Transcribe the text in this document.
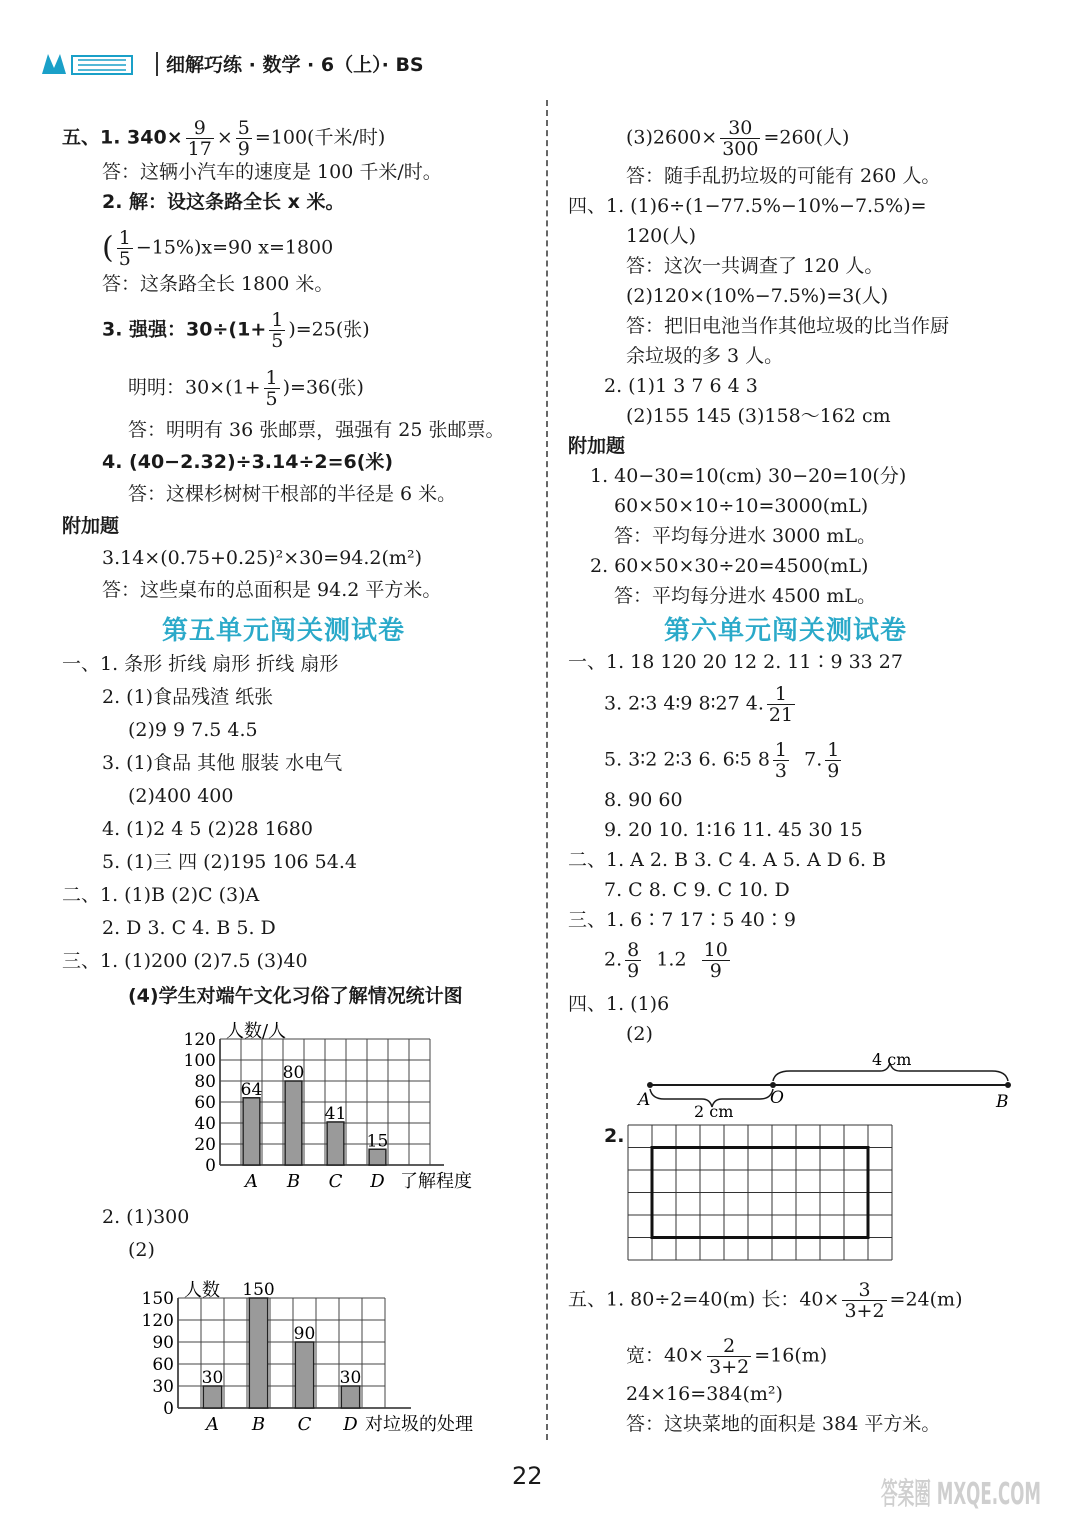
细解巧练 · 数学 · 6（上）· BS
五、1. $340\times \frac{9}{17} \times \frac{5}{9} =100$(千米/时)
答：这辆小汽车的速度是 100 千米/时。
2. 解：设这条路全长 x 米。
( $\frac{1}{5} -15\%)x=90$ x=1800
答：这条路全长 1800 米。
3. 强强：$30\div(1+ \frac{1}{5} )=25$(张)
明明：$30\times(1+ \frac{1}{5} )=36$(张)
答：明明有 36 张邮票，强强有 25 张邮票。
4. (40−2.32)÷3.14÷2=6(米)
答：这棵杉树树干根部的半径是 6 米。
附加题
3.14×(0.75+0.25)²×30=94.2(m²)
答：这些桌布的总面积是 94.2 平方米。
第五单元闯关测试卷
一、1. 条形 折线 扇形 折线 扇形
2. (1)食品残渣 纸张
(2)9 9 7.5 4.5
3. (1)食品 其他 服装 水电气
(2)400 400
4. (1)2 4 5 (2)28 1680
5. (1)三 四 (2)195 106 54.4
二、1. (1)B (2)C (3)A
2. D 3. C 4. B 5. D
三、1. (1)200 (2)7.5 (3)40
(4)学生对端午文化习俗了解情况统计图
0
20
40
60
80
100
120 人数/人
64
A
80
B
41
C
15
D 了解程度
2. (1)300
(2)
0
30
60
90
120
150 人数
30
A
150
B
90
C
30
D 对垃圾的处理
$(3)2600\times \frac{30}{300} =260$(人)
答：随手乱扔垃圾的可能有 260 人。
四、1. (1)6÷(1−77.5%−10%−7.5%)=
120(人)
答：这次一共调查了 120 人。
(2)120×(10%−7.5%)=3(人)
答：把旧电池当作其他垃圾的比当作厨
余垃圾的多 3 人。
2. (1)1 3 7 6 4 3
(2)155 145 (3)158～162 cm
附加题
1. 40−30=10(cm) 30−20=10(分)
60×50×10÷10=3000(mL)
答：平均每分进水 3000 mL。
2. 60×50×30÷20=4500(mL)
答：平均每分进水 4500 mL。
第六单元闯关测试卷
一、1. 18 120 20 12 2. 11∶9 33 27
3. 2∶3 4∶9 8∶27 4. $\frac{1}{21}$
5. 3∶2 2∶3 6. 6∶5 $8 \frac{1}{3} 7$. $\frac{1}{9}$
8. 90 60
9. 20 10. 1∶16 11. 45 30 15
二、1. A 2. B 3. C 4. A 5. A D 6. B
7. C 8. C 9. C 10. D
三、1. 6∶7 17∶5 40∶9
2. $\frac{8}{9} 1.2 \frac{10}{9}$
四、1. (1)6
(2)
4 cm
2 cm
A	O	B
2.
五、1. 80÷2=40(m) 长：$40\times \frac{3}{3+2} =24(m)$
宽：$40\times \frac{2}{3+2} =16(m)$
24×16=384(m²)
答：这块菜地的面积是 384 平方米。
22
答案圈 MXQE.COM
